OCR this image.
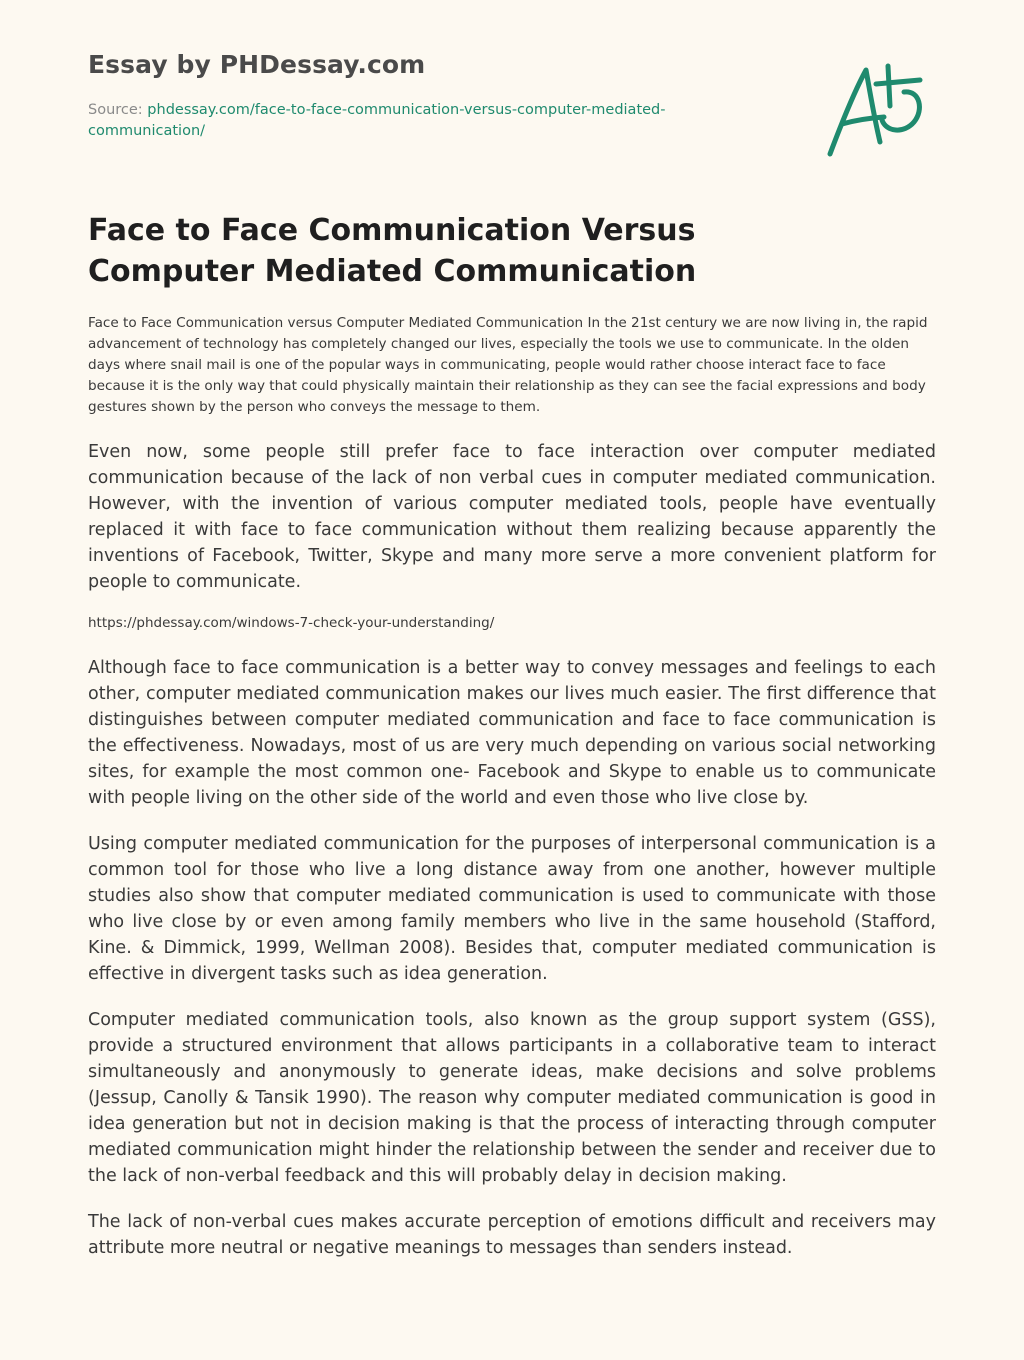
Essay by PHDessay.com
Source: phdessay.com/face-to-face-communication-versus-computer-mediated-communication/
Face to Face Communication Versus Computer Mediated Communication

Face to Face Communication versus Computer Mediated Communication In the 21st century we are now living in, the rapid advancement of technology has completely changed our lives, especially the tools we use to communicate. In the olden days where snail mail is one of the popular ways in communicating, people would rather choose interact face to face because it is the only way that could physically maintain their relationship as they can see the facial expressions and body gestures shown by the person who conveys the message to them.

Even now, some people still prefer face to face interaction over computer mediated communication because of the lack of non verbal cues in computer mediated communication. However, with the invention of various computer mediated tools, people have eventually replaced it with face to face communication without them realizing because apparently the inventions of Facebook, Twitter, Skype and many more serve a more convenient platform for people to communicate.

https://phdessay.com/windows-7-check-your-understanding/

Although face to face communication is a better way to convey messages and feelings to each other, computer mediated communication makes our lives much easier. The first difference that distinguishes between computer mediated communication and face to face communication is the effectiveness. Nowadays, most of us are very much depending on various social networking sites, for example the most common one- Facebook and Skype to enable us to communicate with people living on the other side of the world and even those who live close by.

Using computer mediated communication for the purposes of interpersonal communication is a common tool for those who live a long distance away from one another, however multiple studies also show that computer mediated communication is used to communicate with those who live close by or even among family members who live in the same household (Stafford, Kine. & Dimmick, 1999, Wellman 2008). Besides that, computer mediated communication is effective in divergent tasks such as idea generation.

Computer mediated communication tools, also known as the group support system (GSS), provide a structured environment that allows participants in a collaborative team to interact simultaneously and anonymously to generate ideas, make decisions and solve problems (Jessup, Canolly & Tansik 1990). The reason why computer mediated communication is good in idea generation but not in decision making is that the process of interacting through computer mediated communication might hinder the relationship between the sender and receiver due to the lack of non-verbal feedback and this will probably delay in decision making.

The lack of non-verbal cues makes accurate perception of emotions difficult and receivers may attribute more neutral or negative meanings to messages than senders instead.
